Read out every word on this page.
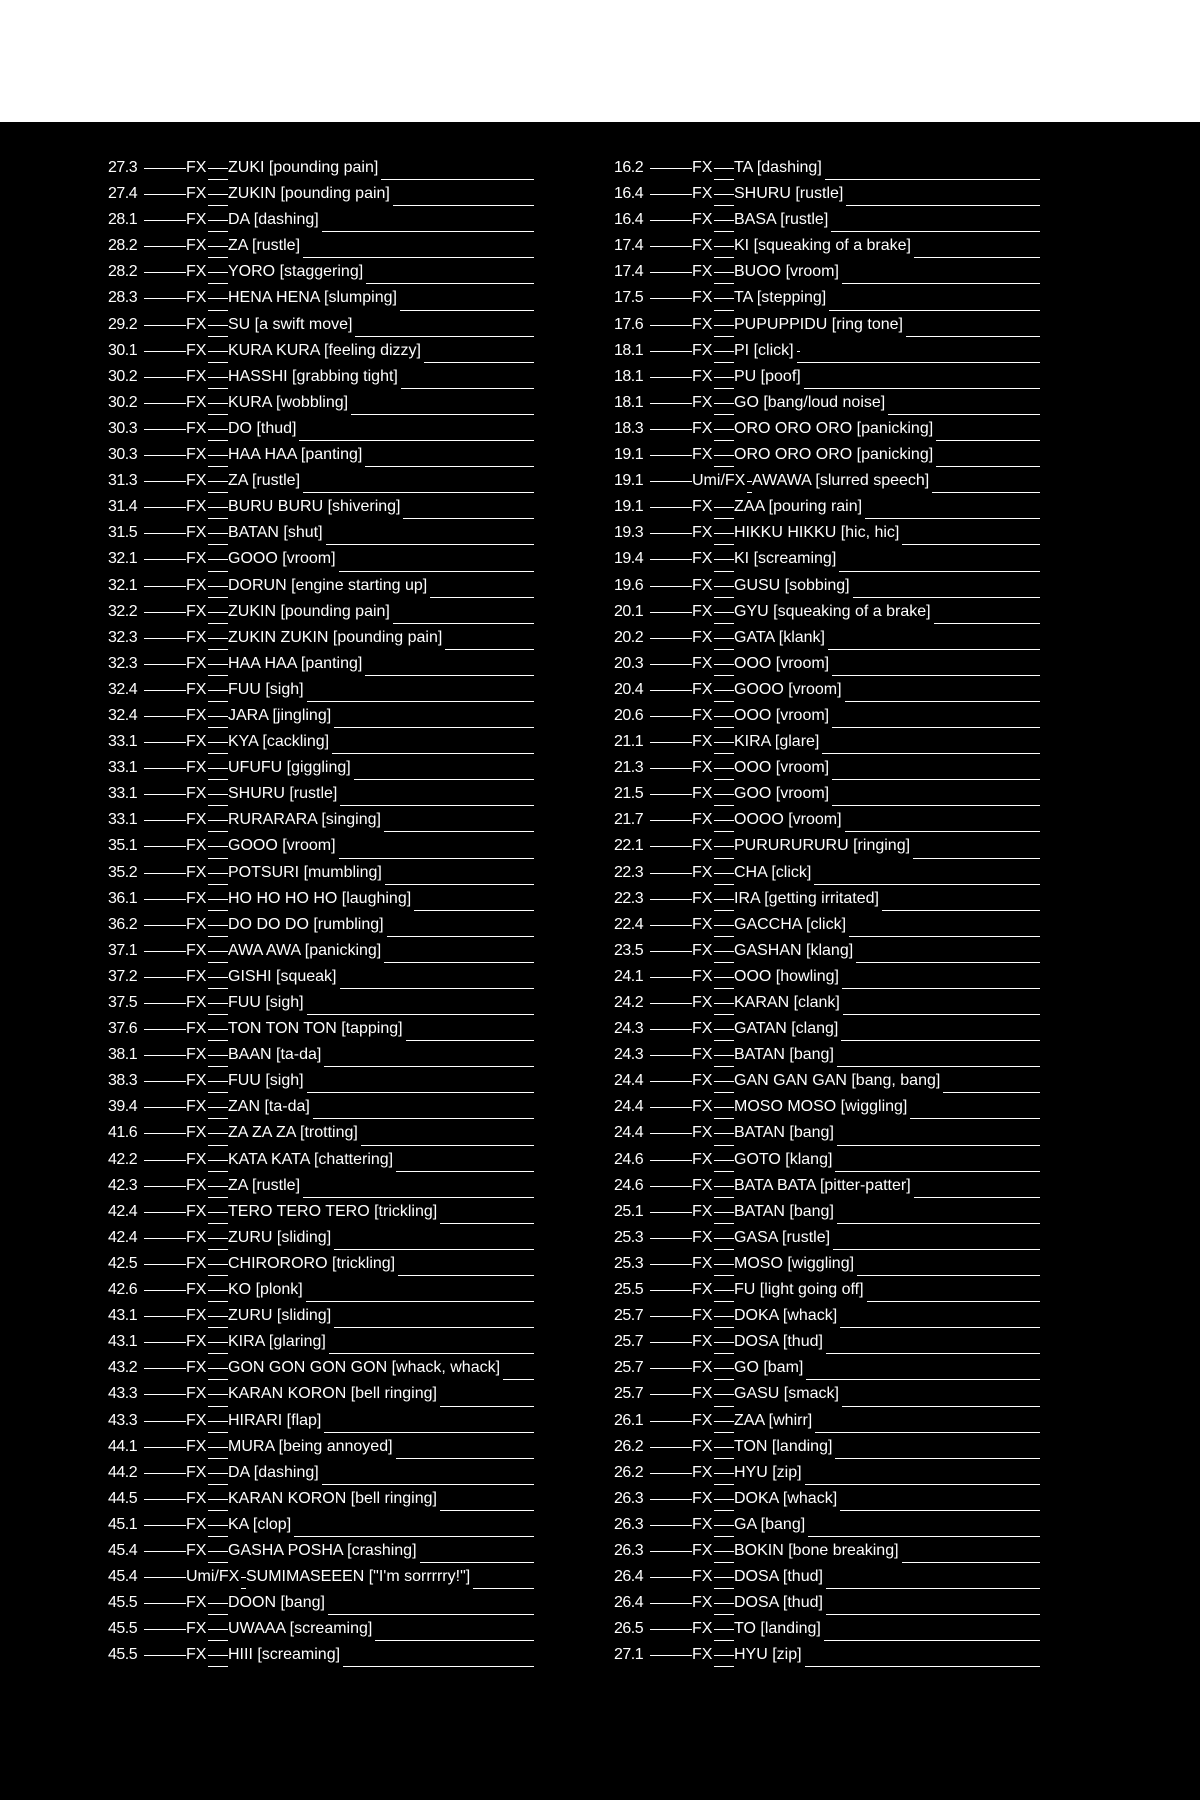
27.3	FX ZUKI [pounding pain]
27.4	FX ZUKIN [pounding pain]
28.1	FX DA [dashing]
28.2	FX ZA [rustle]
28.2	FX YORO [staggering]
28.3	FX HENA HENA [slumping]
29.2	FX SU [a swift move]
30.1	FX KURA KURA [feeling dizzy]
30.2	FX HASSHI [grabbing tight]
30.2	FX KURA [wobbling]
30.3	FX DO [thud]
30.3	FX HAA HAA [panting]
31.3	FX ZA [rustle]
31.4	FX BURU BURU [shivering]
31.5	FX BATAN [shut]
32.1	FX GOOO [vroom]
32.1	FX DORUN [engine starting up]
32.2	FX ZUKIN [pounding pain]
32.3	FX ZUKIN ZUKIN [pounding pain]
32.3	FX HAA HAA [panting]
32.4	FX FUU [sigh]
32.4	FX JARA [jingling]
33.1	FX KYA [cackling]
33.1	FX UFUFU [giggling]
33.1	FX SHURU [rustle]
33.1	FX RURARARA [singing]
35.1	FX GOOO [vroom]
35.2	FX POTSURI [mumbling]
36.1	FX HO HO HO HO [laughing]
36.2	FX DO DO DO [rumbling]
37.1	FX AWA AWA [panicking]
37.2	FX GISHI [squeak]
37.5	FX FUU [sigh]
37.6	FX TON TON TON [tapping]
38.1	FX BAAN [ta-da]
38.3	FX FUU [sigh]
39.4	FX ZAN [ta-da]
41.6	FX ZA ZA ZA [trotting]
42.2	FX KATA KATA [chattering]
42.3	FX ZA [rustle]
42.4	FX TERO TERO TERO [trickling]
42.4	FX ZURU [sliding]
42.5	FX CHIRORORO [trickling]
42.6	FX KO [plonk]
43.1	FX ZURU [sliding]
43.1	FX KIRA [glaring]
43.2	FX GON GON GON GON [whack, whack]
43.3	FX KARAN KORON [bell ringing]
43.3	FX HIRARI [flap]
44.1	FX MURA [being annoyed]
44.2	FX DA [dashing]
44.5	FX KARAN KORON [bell ringing]
45.1	FX KA [clop]
45.4	FX GASHA POSHA [crashing]
45.4	Umi/FX SUMIMASEEEN ["I'm sorrrrry!"]
45.5	FX DOON [bang]
45.5	FX UWAAA [screaming]
45.5	FX HIII [screaming]
16.2	FX TA [dashing]
16.4	FX SHURU [rustle]
16.4	FX BASA [rustle]
17.4	FX KI [squeaking of a brake]
17.4	FX BUOO [vroom]
17.5	FX TA [stepping]
17.6	FX PUPUPPIDU [ring tone]
18.1	FX PI [click]
18.1	FX PU [poof]
18.1	FX GO [bang/loud noise]
18.3	FX ORO ORO ORO [panicking]
19.1	FX ORO ORO ORO [panicking]
19.1	Umi/FX AWAWA [slurred speech]
19.1	FX ZAA [pouring rain]
19.3	FX HIKKU HIKKU [hic, hic]
19.4	FX KI [screaming]
19.6	FX GUSU [sobbing]
20.1	FX GYU [squeaking of a brake]
20.2	FX GATA [klank]
20.3	FX OOO [vroom]
20.4	FX GOOO [vroom]
20.6	FX OOO [vroom]
21.1	FX KIRA [glare]
21.3	FX OOO [vroom]
21.5	FX GOO [vroom]
21.7	FX OOOO [vroom]
22.1	FX PURURURURU [ringing]
22.3	FX CHA [click]
22.3	FX IRA [getting irritated]
22.4	FX GACCHA [click]
23.5	FX GASHAN [klang]
24.1	FX OOO [howling]
24.2	FX KARAN [clank]
24.3	FX GATAN [clang]
24.3	FX BATAN [bang]
24.4	FX GAN GAN GAN [bang, bang]
24.4	FX MOSO MOSO [wiggling]
24.4	FX BATAN [bang]
24.6	FX GOTO [klang]
24.6	FX BATA BATA [pitter-patter]
25.1	FX BATAN [bang]
25.3	FX GASA [rustle]
25.3	FX MOSO [wiggling]
25.5	FX FU [light going off]
25.7	FX DOKA [whack]
25.7	FX DOSA [thud]
25.7	FX GO [bam]
25.7	FX GASU [smack]
26.1	FX ZAA [whirr]
26.2	FX TON [landing]
26.2	FX HYU [zip]
26.3	FX DOKA [whack]
26.3	FX GA [bang]
26.3	FX BOKIN [bone breaking]
26.4	FX DOSA [thud]
26.4	FX DOSA [thud]
26.5	FX TO [landing]
27.1	FX HYU [zip]
